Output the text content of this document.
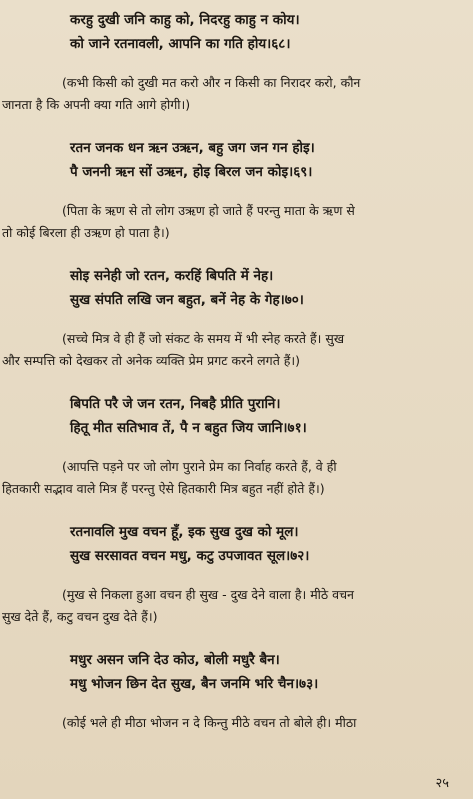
करहु दुखी जनि काहु को, निदरहु काहु न कोय।
को जाने रतनावली, आपनि का गति होय।६८।
(कभी किसी को दुखी मत करो और न किसी का निरादर करो, कौन
जानता है कि अपनी क्या गति आगे होगी।)
रतन जनक धन ऋन उऋन, बहु जग जन गन होइ।
पै जननी ऋन सों उऋन, होइ बिरल जन कोइ।६९।
(पिता के ऋण से तो लोग उऋण हो जाते हैं परन्तु माता के ऋण से
तो कोई बिरला ही उऋण हो पाता है।)
सोइ सनेही जो रतन, करहिं बिपति में नेह।
सुख संपति लखि जन बहुत, बनें नेह के गेह।७०।
(सच्चे मित्र वे ही हैं जो संकट के समय में भी स्नेह करते हैं। सुख
और सम्पत्ति को देखकर तो अनेक व्यक्ति प्रेम प्रगट करने लगते हैं।)
बिपति परै जे जन रतन, निबहै प्रीति पुरानि।
हितू मीत सतिभाव तें, पै न बहुत जिय जानि।७१।
(आपत्ति पड़ने पर जो लोग पुराने प्रेम का निर्वाह करते हैं, वे ही
हितकारी सद्भाव वाले मित्र हैं परन्तु ऐसे हितकारी मित्र बहुत नहीं होते हैं।)
रतनावलि मुख वचन हूँ, इक सुख दुख को मूल।
सुख सरसावत वचन मधु, कटु उपजावत सूल।७२।
(मुख से निकला हुआ वचन ही सुख - दुख देने वाला है। मीठे वचन
सुख देते हैं, कटु वचन दुख देते हैं।)
मधुर असन जनि देउ कोउ, बोली मधुरै बैन।
मधु भोजन छिन देत सुख, बैन जनमि भरि चैन।७३।
(कोई भले ही मीठा भोजन न दे किन्तु मीठे वचन तो बोले ही। मीठा
२५
